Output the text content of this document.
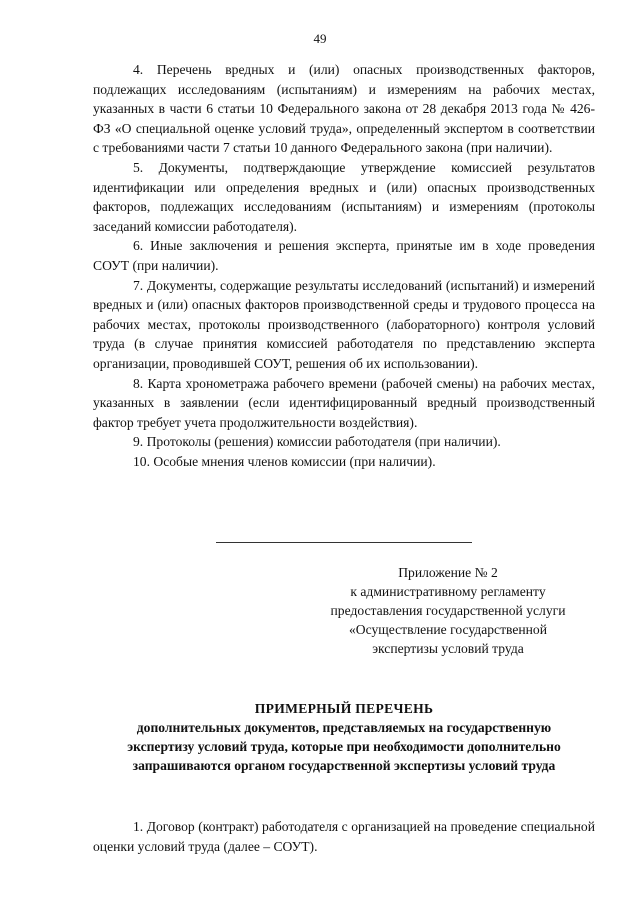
49

4. Перечень вредных и (или) опасных производственных факторов, подлежащих исследованиям (испытаниям) и измерениям на рабочих местах, указанных в части 6 статьи 10 Федерального закона от 28 декабря 2013 года № 426-ФЗ «О специальной оценке условий труда», определенный экспертом в соответствии с требованиями части 7 статьи 10 данного Федерального закона (при наличии).

5. Документы, подтверждающие утверждение комиссией результатов идентификации или определения вредных и (или) опасных производственных факторов, подлежащих исследованиям (испытаниям) и измерениям (протоколы заседаний комиссии работодателя).

6. Иные заключения и решения эксперта, принятые им в ходе проведения СОУТ (при наличии).

7. Документы, содержащие результаты исследований (испытаний) и измерений вредных и (или) опасных факторов производственной среды и трудового процесса на рабочих местах, протоколы производственного (лабораторного) контроля условий труда (в случае принятия комиссией работодателя по представлению эксперта организации, проводившей СОУТ, решения об их использовании).

8. Карта хронометража рабочего времени (рабочей смены) на рабочих местах, указанных в заявлении (если идентифицированный вредный производственный фактор требует учета продолжительности воздействия).

9. Протоколы (решения) комиссии работодателя (при наличии).

10. Особые мнения членов комиссии (при наличии).

Приложение № 2
к административному регламенту
предоставления государственной услуги
«Осуществление государственной
экспертизы условий труда
ПРИМЕРНЫЙ ПЕРЕЧЕНЬ
дополнительных документов, представляемых на государственную
экспертизу условий труда, которые при необходимости дополнительно
запрашиваются органом государственной экспертизы условий труда

1. Договор (контракт) работодателя с организацией на проведение специальной оценки условий труда (далее – СОУТ).
